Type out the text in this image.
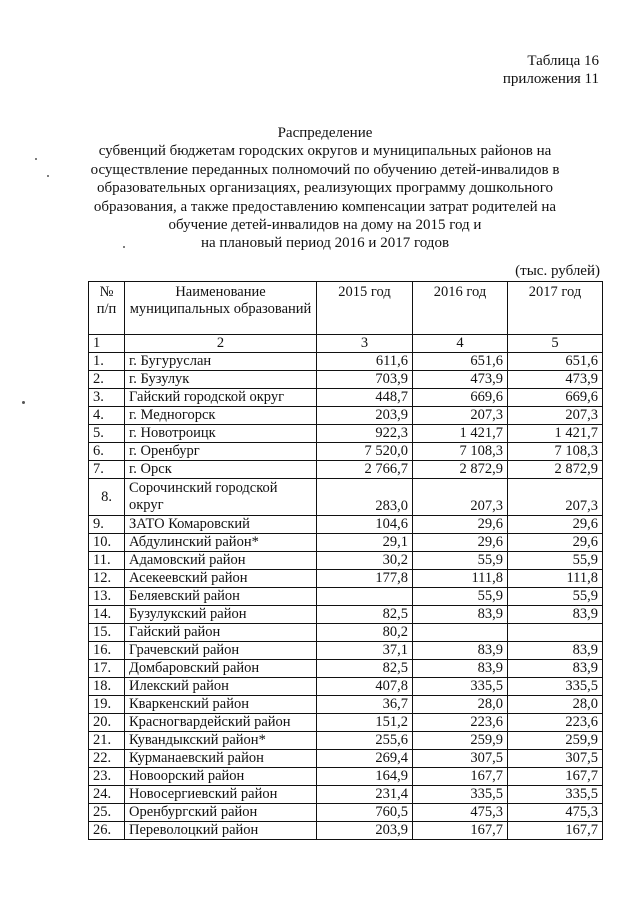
Таблица 16
приложения 11
Распределение
субвенций бюджетам городских округов и муниципальных районов на
осуществление переданных полномочий по обучению детей-инвалидов в
образовательных организациях, реализующих программу дошкольного
образования, а также предоставлению компенсации затрат родителей на
обучение детей-инвалидов на дому на 2015 год и
на плановый период 2016 и 2017 годов
(тыс. рублей)
№ п/п	Наименование муниципальных образований	2015 год	2016 год	2017 год
1	2	3	4	5
1.	г. Бугуруслан	611,6	651,6	651,6
2.	г. Бузулук	703,9	473,9	473,9
3.	Гайский городской округ	448,7	669,6	669,6
4.	г. Медногорск	203,9	207,3	207,3
5.	г. Новотроицк	922,3	1 421,7	1 421,7
6.	г. Оренбург	7 520,0	7 108,3	7 108,3
7.	г. Орск	2 766,7	2 872,9	2 872,9
8.	Сорочинский городской округ	283,0	207,3	207,3
9.	ЗАТО Комаровский	104,6	29,6	29,6
10.	Абдулинский район*	29,1	29,6	29,6
11.	Адамовский район	30,2	55,9	55,9
12.	Асекеевский район	177,8	111,8	111,8
13.	Беляевский район		55,9	55,9
14.	Бузулукский район	82,5	83,9	83,9
15.	Гайский район	80,2		
16.	Грачевский район	37,1	83,9	83,9
17.	Домбаровский район	82,5	83,9	83,9
18.	Илекский район	407,8	335,5	335,5
19.	Кваркенский район	36,7	28,0	28,0
20.	Красногвардейский район	151,2	223,6	223,6
21.	Кувандыкский район*	255,6	259,9	259,9
22.	Курманаевский район	269,4	307,5	307,5
23.	Новоорский район	164,9	167,7	167,7
24.	Новосергиевский район	231,4	335,5	335,5
25.	Оренбургский район	760,5	475,3	475,3
26.	Переволоцкий район	203,9	167,7	167,7
